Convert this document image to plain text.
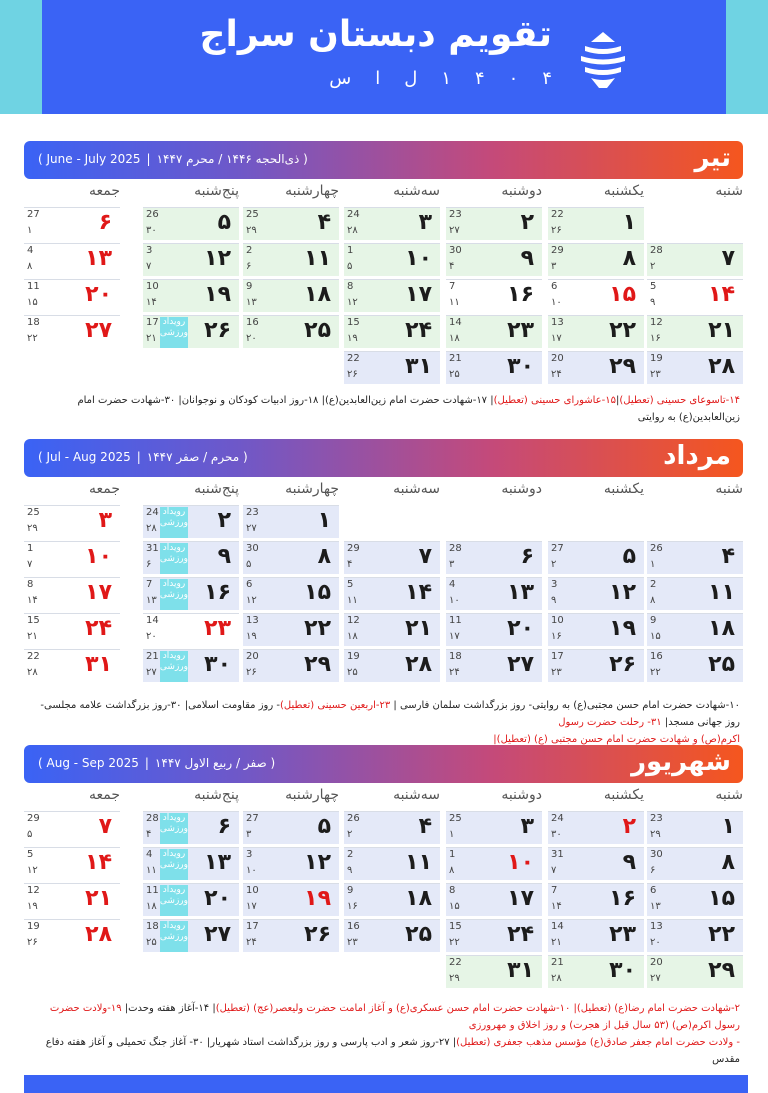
تقویم دبستان سراج
س ا ل ۱ ۴ ۰ ۴
تیر
( June - July 2025 | ذی‌الحجه ۱۴۴۶ / محرم ۱۴۴۷ )
شنبه
یکشنبه
دوشنبه
سه‌شنبه
چهارشنبه
پنج‌شنبه
جمعه
۱
22
۲۶
۲
23
۲۷
۳
24
۲۸
۴
25
۲۹
۵
26
۳۰
۶
27
۱
۷
28
۲
۸
29
۳
۹
30
۴
۱۰
1
۵
۱۱
2
۶
۱۲
3
۷
۱۳
4
۸
۱۴
5
۹
۱۵
6
۱۰
۱۶
7
۱۱
۱۷
8
۱۲
۱۸
9
۱۳
۱۹
10
۱۴
۲۰
11
۱۵
۲۱
12
۱۶
۲۲
13
۱۷
۲۳
14
۱۸
۲۴
15
۱۹
۲۵
16
۲۰
۲۶
17
۲۱
رویداد ورزشی
۲۷
18
۲۲
۲۸
19
۲۳
۲۹
20
۲۴
۳۰
21
۲۵
۳۱
22
۲۶
۱۴-تاسوعای حسینی (تعطیل)|۱۵-عاشورای حسینی (تعطیل)| ۱۷-شهادت حضرت امام زین‌العابدین(ع)| ۱۸-روز ادبیات کودکان و نوجوانان| ۳۰-شهادت حضرت امام زین‌العابدین(ع) به روایتی
مرداد
( Jul - Aug 2025 | محرم / صفر ۱۴۴۷ )
شنبه
یکشنبه
دوشنبه
سه‌شنبه
چهارشنبه
پنج‌شنبه
جمعه
۱
23
۲۷
۲
24
۲۸
رویداد ورزشی
۳
25
۲۹
۴
26
۱
۵
27
۲
۶
28
۳
۷
29
۴
۸
30
۵
۹
31
۶
رویداد ورزشی
۱۰
1
۷
۱۱
2
۸
۱۲
3
۹
۱۳
4
۱۰
۱۴
5
۱۱
۱۵
6
۱۲
۱۶
7
۱۳
رویداد ورزشی
۱۷
8
۱۴
۱۸
9
۱۵
۱۹
10
۱۶
۲۰
11
۱۷
۲۱
12
۱۸
۲۲
13
۱۹
۲۳
14
۲۰
۲۴
15
۲۱
۲۵
16
۲۲
۲۶
17
۲۳
۲۷
18
۲۴
۲۸
19
۲۵
۲۹
20
۲۶
۳۰
21
۲۷
رویداد ورزشی
۳۱
22
۲۸
۱۰-شهادت حضرت امام حسن مجتبی(ع) به روایتی- روز بزرگداشت سلمان فارسی | ۲۳-اربعین حسینی (تعطیل)- روز مقاومت اسلامی| ۳۰-روز بزرگداشت علامه مجلسی- روز جهانی مسجد| ۳۱- رحلت حضرت رسول
اکرم(ص) و شهادت حضرت امام حسن مجتبی (ع) (تعطیل)|
شهریور
( Aug - Sep 2025 | صفر / ربیع الاول ۱۴۴۷ )
شنبه
یکشنبه
دوشنبه
سه‌شنبه
چهارشنبه
پنج‌شنبه
جمعه
۱
23
۲۹
۲
24
۳۰
۳
25
۱
۴
26
۲
۵
27
۳
۶
28
۴
رویداد ورزشی
۷
29
۵
۸
30
۶
۹
31
۷
۱۰
1
۸
۱۱
2
۹
۱۲
3
۱۰
۱۳
4
۱۱
رویداد ورزشی
۱۴
5
۱۲
۱۵
6
۱۳
۱۶
7
۱۴
۱۷
8
۱۵
۱۸
9
۱۶
۱۹
10
۱۷
۲۰
11
۱۸
رویداد ورزشی
۲۱
12
۱۹
۲۲
13
۲۰
۲۳
14
۲۱
۲۴
15
۲۲
۲۵
16
۲۳
۲۶
17
۲۴
۲۷
18
۲۵
رویداد ورزشی
۲۸
19
۲۶
۲۹
20
۲۷
۳۰
21
۲۸
۳۱
22
۲۹
۲-شهادت حضرت امام رضا(ع) (تعطیل)| ۱۰-شهادت حضرت امام حسن عسکری(ع) و آغاز امامت حضرت ولیعصر(عج) (تعطیل)| ۱۴-آغاز هفته وحدت| ۱۹-ولادت حضرت رسول اکرم(ص) (۵۳ سال قبل از هجرت) و روز اخلاق و مهرورزی
- ولادت حضرت امام جعفر صادق(ع) مؤسس مذهب جعفری (تعطیل)| ۲۷-روز شعر و ادب پارسی و روز بزرگداشت استاد شهریار| ۳۰- آغاز جنگ تحمیلی و آغاز هفته دفاع مقدس
